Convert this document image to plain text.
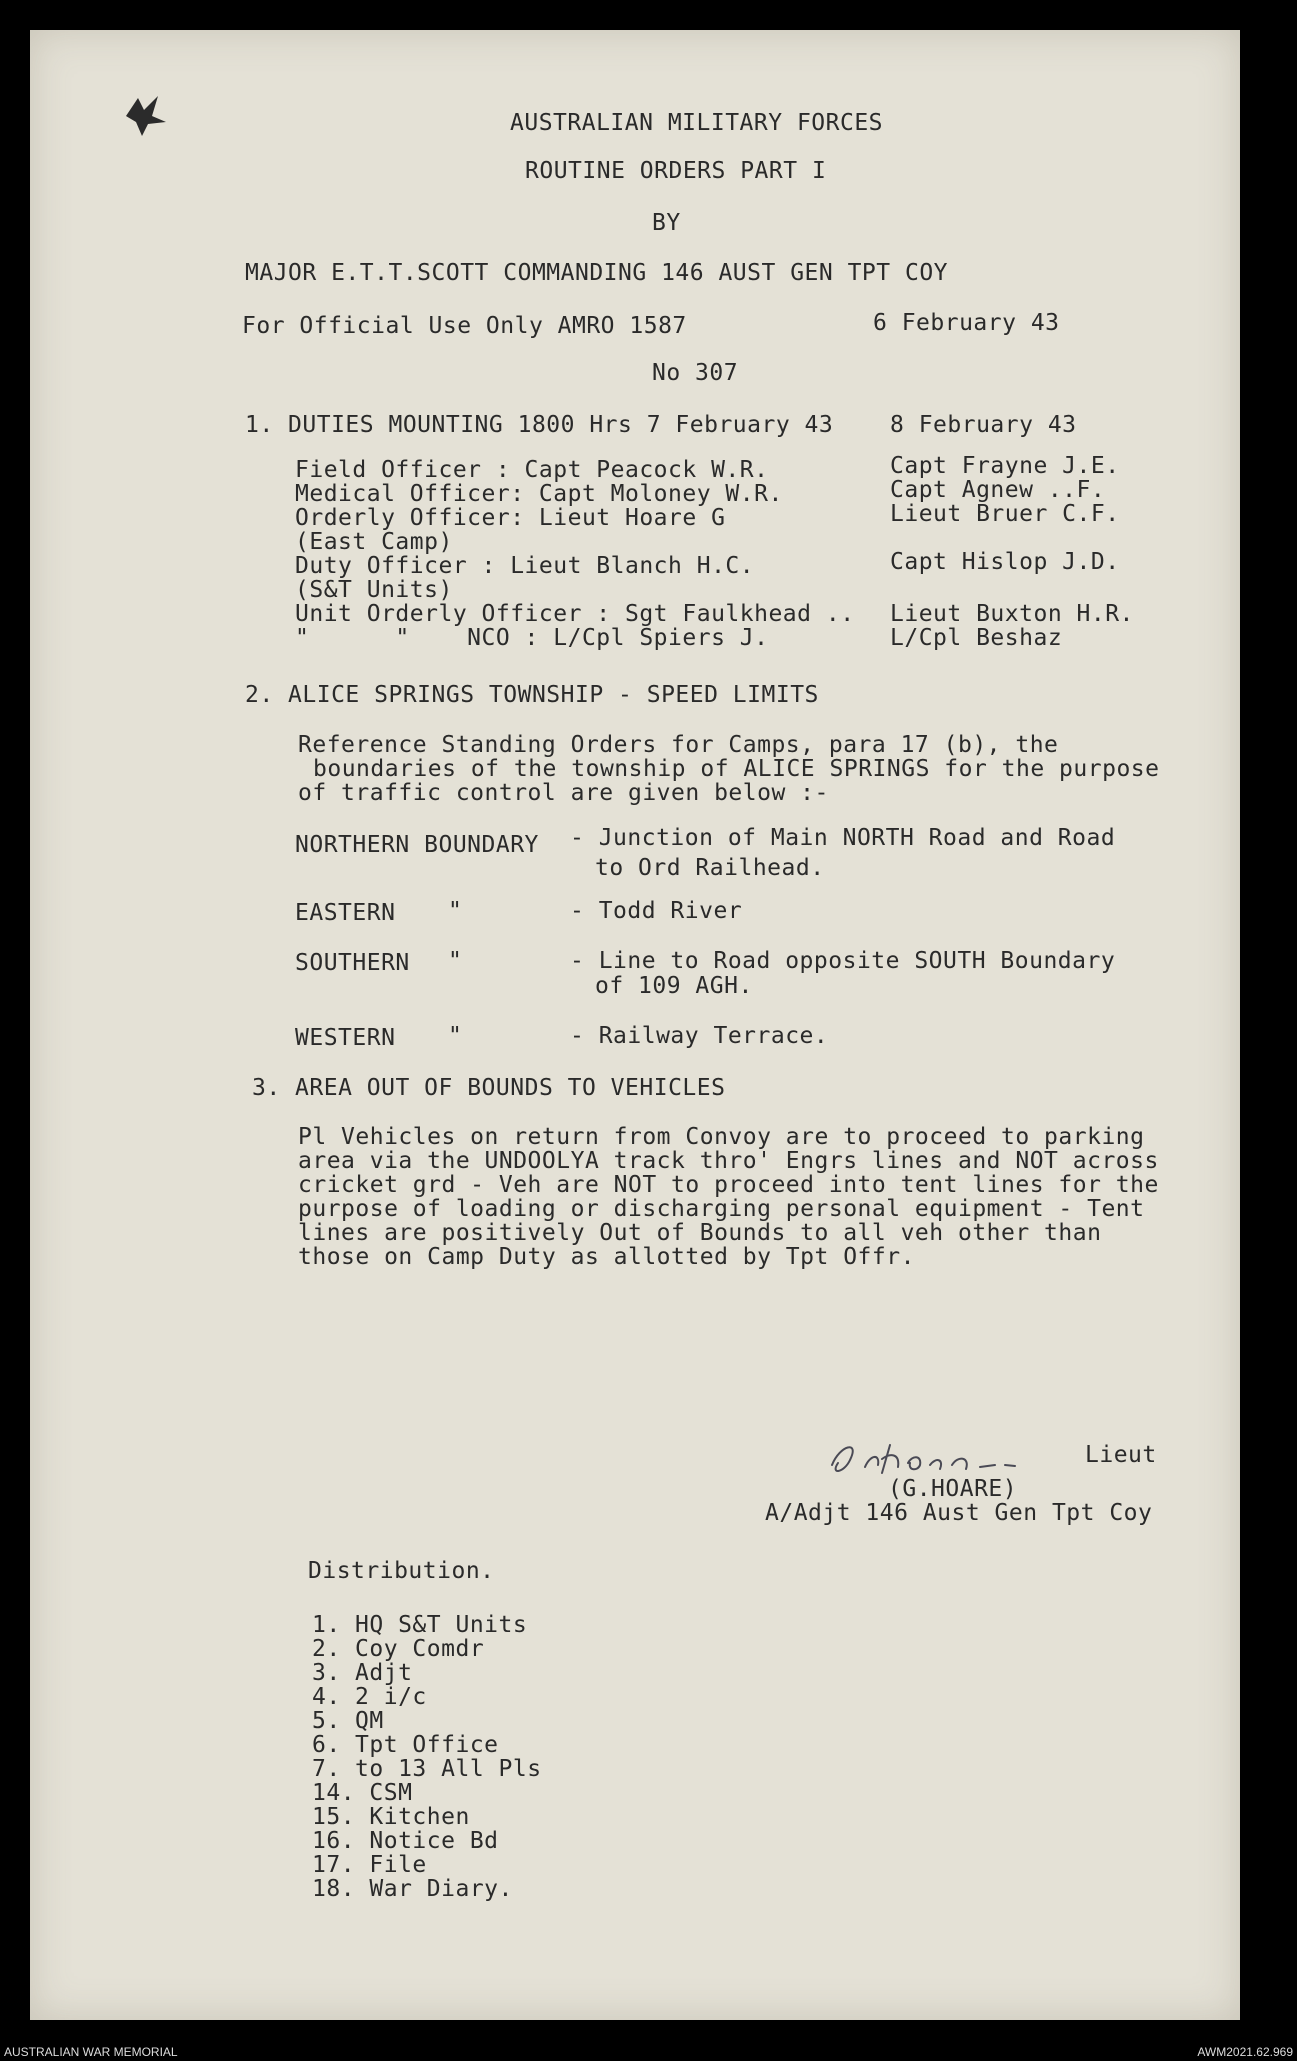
AUSTRALIAN MILITARY FORCES
ROUTINE ORDERS PART I
BY
MAJOR E.T.T.SCOTT COMMANDING 146 AUST GEN TPT COY
For Official Use Only AMRO 1587	6 February 43
No 307
1. DUTIES MOUNTING 1800 Hrs 7 February 43 8 February 43
Field Officer : Capt Peacock W.R.	Capt Frayne J.E.
Medical Officer: Capt Moloney W.R.	Capt Agnew ..F.
Orderly Officer: Lieut Hoare G	Lieut Bruer C.F.
(East Camp)
Duty Officer : Lieut Blanch H.C.	Capt Hislop J.D.
(S&T Units)
Unit Orderly Officer : Sgt Faulkhead .. Lieut Buxton H.R.
"      "    NCO : L/Cpl Spiers J.	L/Cpl Beshaz
2. ALICE SPRINGS TOWNSHIP - SPEED LIMITS
Reference Standing Orders for Camps, para 17 (b), the
boundaries of the township of ALICE SPRINGS for the purpose
of traffic control are given below :-
NORTHERN BOUNDARY - Junction of Main NORTH Road and Road
to Ord Railhead.
EASTERN "	- Todd River
SOUTHERN "	- Line to Road opposite SOUTH Boundary
of 109 AGH.
WESTERN "	- Railway Terrace.
3. AREA OUT OF BOUNDS TO VEHICLES
Pl Vehicles on return from Convoy are to proceed to parking
area via the UNDOOLYA track thro' Engrs lines and NOT across
cricket grd - Veh are NOT to proceed into tent lines for the
purpose of loading or discharging personal equipment - Tent
lines are positively Out of Bounds to all veh other than
those on Camp Duty as allotted by Tpt Offr.
Lieut
(G.HOARE)
A/Adjt 146 Aust Gen Tpt Coy
Distribution.
1. HQ S&T Units
2. Coy Comdr
3. Adjt
4. 2 i/c
5. QM
6. Tpt Office
7. to 13 All Pls
14. CSM
15. Kitchen
16. Notice Bd
17. File
18. War Diary.
AUSTRALIAN WAR MEMORIAL	AWM2021.62.969
